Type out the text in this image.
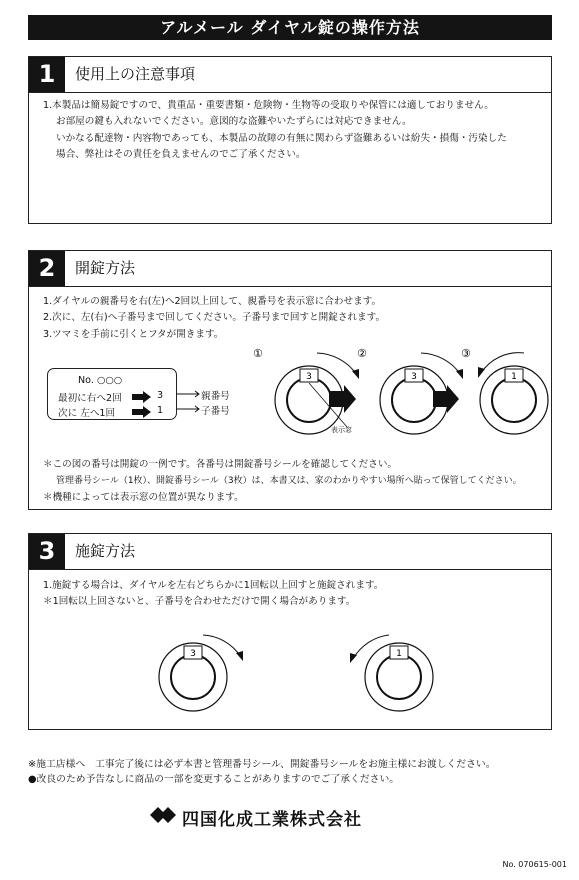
アルメール ダイヤル錠の操作方法
1	使用上の注意事項
1.本製品は簡易錠ですので、貴重品・重要書類・危険物・生物等の受取りや保管には適しておりません。
お部屋の鍵も入れないでください。意図的な盗難やいたずらには対応できません。
いかなる配達物・内容物であっても、本製品の故障の有無に関わらず盗難あるいは紛失・損傷・汚染した
場合、弊社はその責任を負えませんのでご了承ください。
2	開錠方法
1.ダイヤルの親番号を右(左)へ2回以上回して、親番号を表示窓に合わせます。
2.次に、左(右)へ子番号まで回してください。子番号まで回すと開錠されます。
3.ツマミを手前に引くとフタが開きます。
No. ○○○
最初に右へ2回	3
次に 左へ1回	1
親番号
子番号
①	②	③
3	3	1
表示窓
＊この図の番号は開錠の一例です。各番号は開錠番号シールを確認してください。
管理番号シール（1枚）、開錠番号シール（3枚）は、本書又は、家のわかりやすい場所へ貼って保管してください。
＊機種によっては表示窓の位置が異なります。
3	施錠方法
1.施錠する場合は、ダイヤルを左右どちらかに1回転以上回すと施錠されます。
＊1回転以上回さないと、子番号を合わせただけで開く場合があります。
3	1
※施工店様へ　工事完了後には必ず本書と管理番号シール、開錠番号シールをお施主様にお渡しください。
●改良のため予告なしに商品の一部を変更することがありますのでご了承ください。
四国化成工業株式会社
No. 070615-001
